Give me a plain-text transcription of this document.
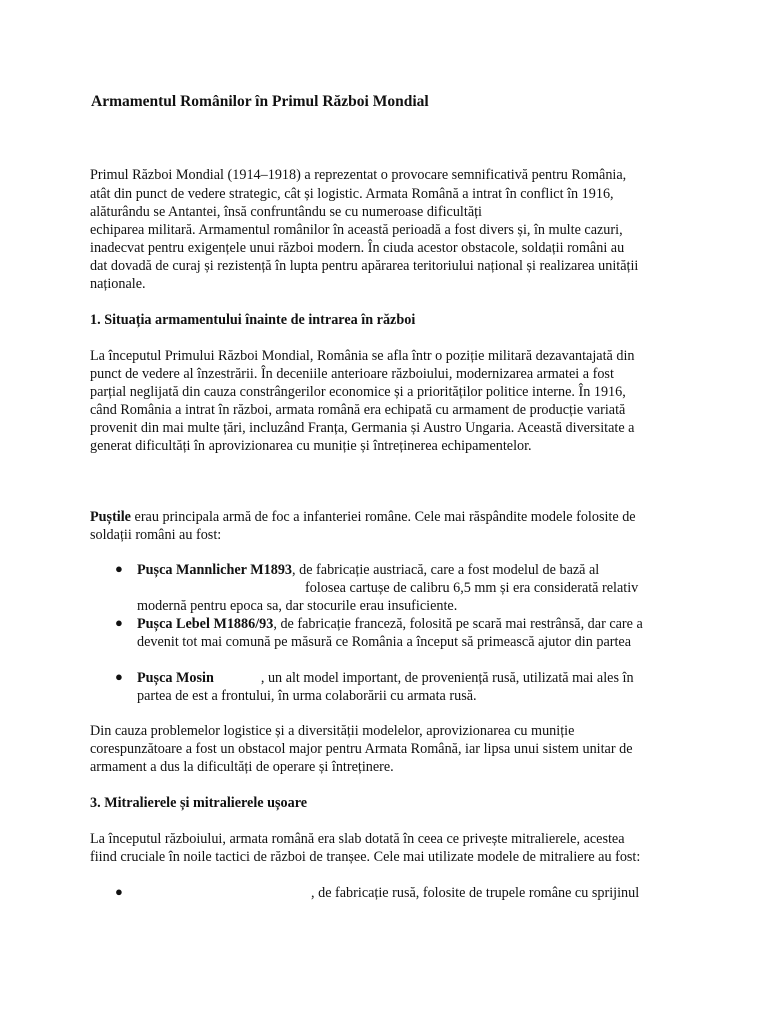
Armamentul Românilor în Primul Război Mondial
Primul Război Mondial (1914–1918) a reprezentat o provocare semnificativă pentru România,
atât din punct de vedere strategic, cât și logistic. Armata Română a intrat în conflict în 1916,
alăturându se Antantei, însă confruntându se cu numeroase dificultăți
echiparea militară. Armamentul românilor în această perioadă a fost divers și, în multe cazuri,
inadecvat pentru exigențele unui război modern. În ciuda acestor obstacole, soldații români au
dat dovadă de curaj și rezistență în lupta pentru apărarea teritoriului național și realizarea unității
naționale.
1. Situația armamentului înainte de intrarea în război
La începutul Primului Război Mondial, România se afla într o poziție militară dezavantajată din
punct de vedere al înzestrării. În deceniile anterioare războiului, modernizarea armatei a fost
parțial neglijată din cauza constrângerilor economice și a priorităților politice interne. În 1916,
când România a intrat în război, armata română era echipată cu armament de producție variată
provenit din mai multe țări, incluzând Franța, Germania și Austro Ungaria. Această diversitate a
generat dificultăți în aprovizionarea cu muniție și întreținerea echipamentelor.
Puștile erau principala armă de foc a infanteriei române. Cele mai răspândite modele folosite de
soldații români au fost:
● Pușca Mannlicher M1893, de fabricație austriacă, care a fost modelul de bază al
folosea cartușe de calibru 6,5 mm și era considerată relativ
modernă pentru epoca sa, dar stocurile erau insuficiente.
● Pușca Lebel M1886/93, de fabricație franceză, folosită pe scară mai restrânsă, dar care a
devenit tot mai comună pe măsură ce România a început să primească ajutor din partea
● Pușca Mosin	, un alt model important, de proveniență rusă, utilizată mai ales în
partea de est a frontului, în urma colaborării cu armata rusă.
Din cauza problemelor logistice și a diversității modelelor, aprovizionarea cu muniție
corespunzătoare a fost un obstacol major pentru Armata Română, iar lipsa unui sistem unitar de
armament a dus la dificultăți de operare și întreținere.
3. Mitralierele și mitralierele ușoare
La începutul războiului, armata română era slab dotată în ceea ce privește mitralierele, acestea
fiind cruciale în noile tactici de război de tranșee. Cele mai utilizate modele de mitraliere au fost:
●	, de fabricație rusă, folosite de trupele române cu sprijinul
